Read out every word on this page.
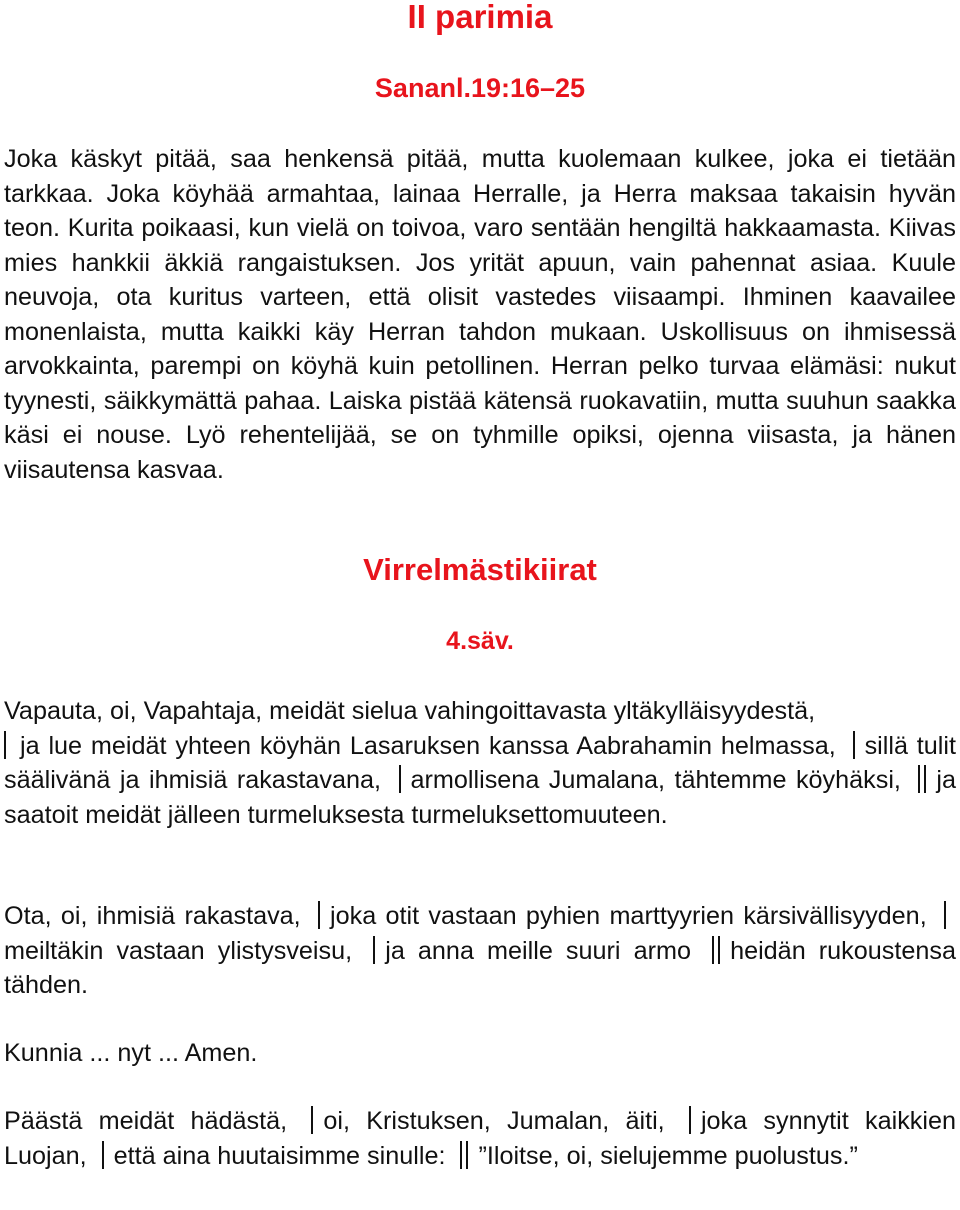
II parimia
Sananl.19:16–25

Joka käskyt pitää, saa henkensä pitää, mutta kuolemaan kulkee, joka ei tietään tarkkaa. Joka köyhää armahtaa, lainaa Herralle, ja Herra maksaa takaisin hyvän teon. Kurita poikaasi, kun vielä on toivoa, varo sentään hengiltä hakkaamasta. Kiivas mies hankkii äkkiä rangaistuksen. Jos yrität apuun, vain pahennat asiaa. Kuule neuvoja, ota kuritus varteen, että olisit vastedes viisaampi. Ihminen kaavailee monenlaista, mutta kaikki käy Herran tahdon mukaan. Uskollisuus on ihmisessä arvokkainta, parempi on köyhä kuin petollinen. Herran pelko turvaa elämäsi: nukut tyynesti, säikkymättä pahaa. Laiska pistää kätensä ruokavatiin, mutta suuhun saakka käsi ei nouse. Lyö rehentelijää, se on tyhmille opiksi, ojenna viisasta, ja hänen viisautensa kasvaa.

Virrelmästikiirat
4.säv.

Vapauta, oi, Vapahtaja, meidät sielua vahingoittavasta yltäkylläisyydestä,
ja lue meidät yhteen köyhän Lasaruksen kanssa Aabrahamin helmassa, sillä tulit säälivänä ja ihmisiä rakastavana, armollisena Jumalana, tähtemme köyhäksi, ja saatoit meidät jälleen turmeluksesta turmeluksettomuuteen.

Ota, oi, ihmisiä rakastava, joka otit vastaan pyhien marttyyrien kärsivällisyyden, meiltäkin vastaan ylistysveisu, ja anna meille suuri armo heidän rukoustensa tähden.

Kunnia ... nyt ... Amen.

Päästä meidät hädästä, oi, Kristuksen, Jumalan, äiti, joka synnytit kaikkien Luojan, että aina huutaisimme sinulle: ”Iloitse, oi, sielujemme puolustus.”
